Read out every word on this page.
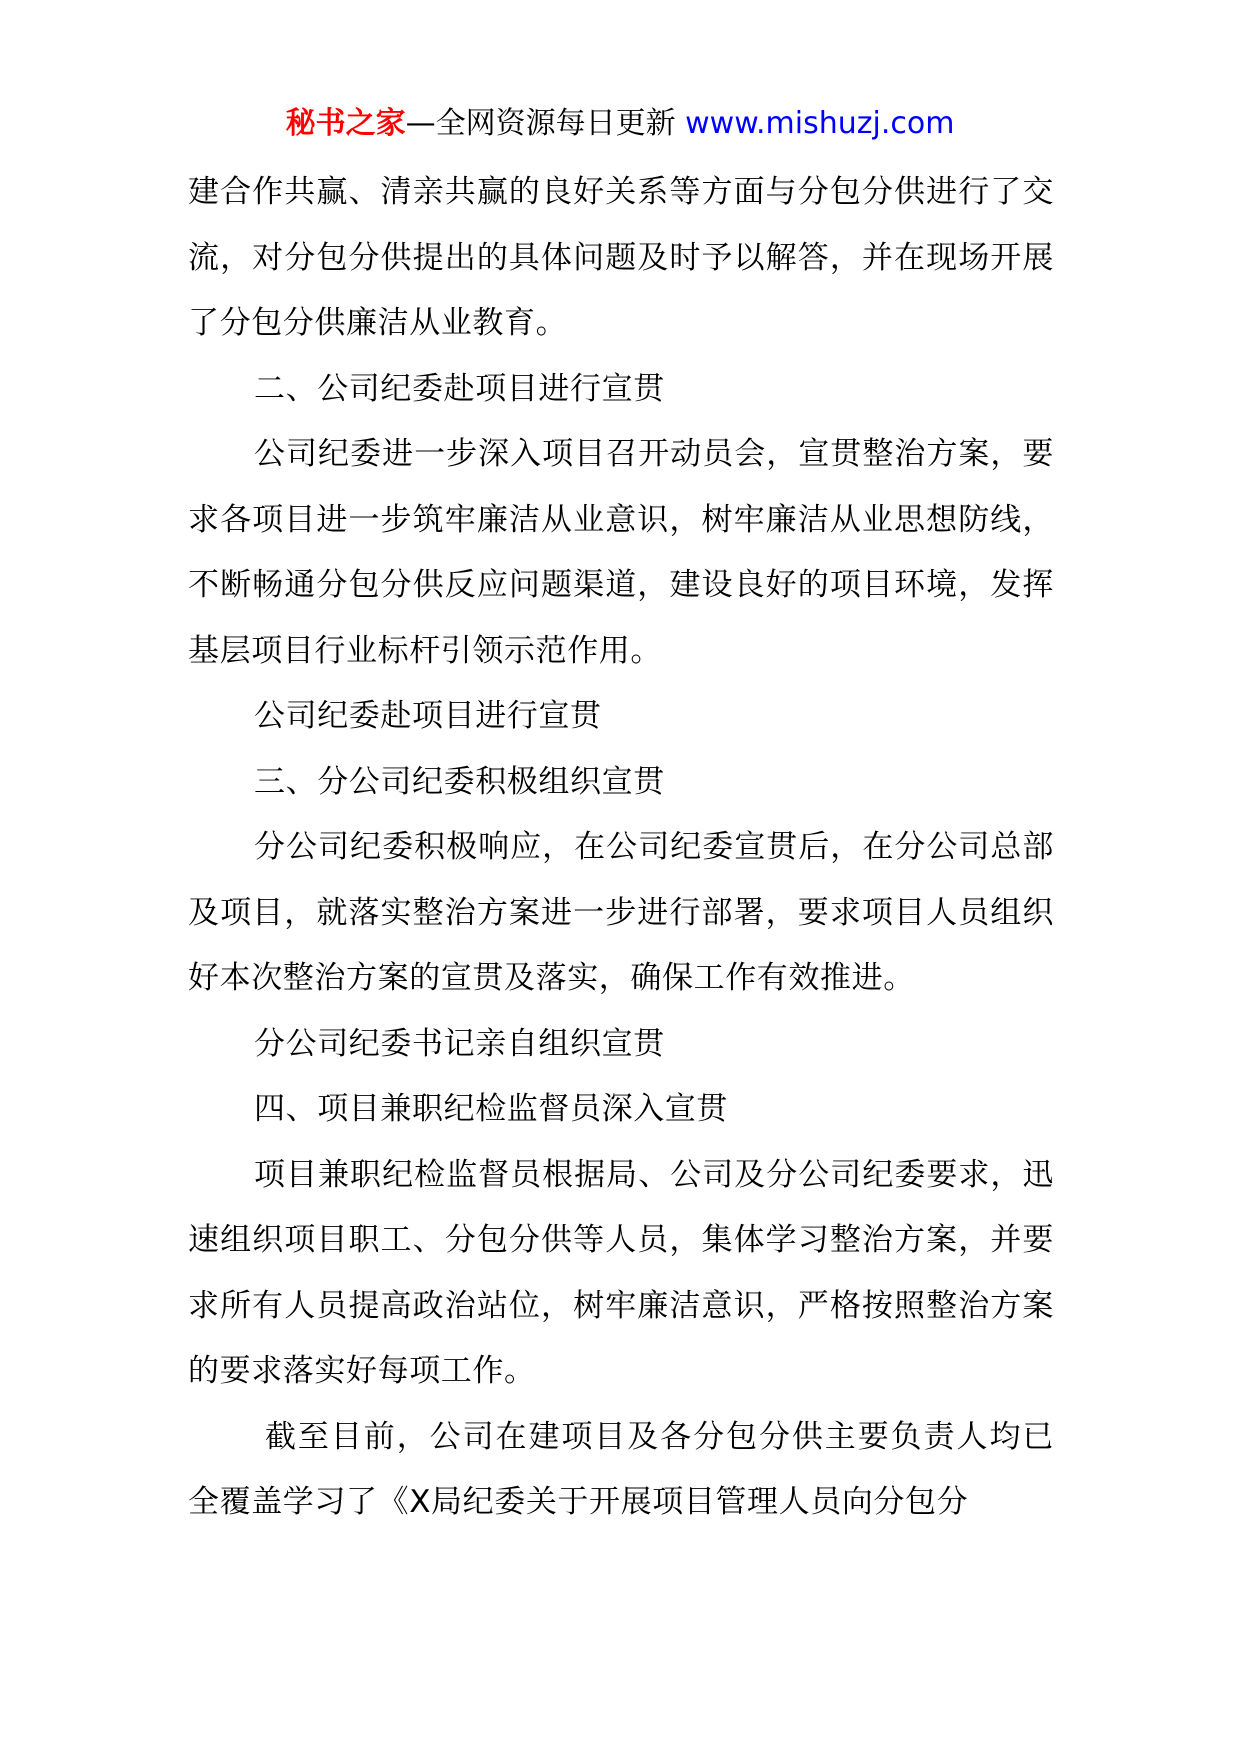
秘书之家—全网资源每日更新 www.mishuzj.com

建合作共赢、清亲共赢的良好关系等方面与分包分供进行了交流，对分包分供提出的具体问题及时予以解答，并在现场开展了分包分供廉洁从业教育。

二、公司纪委赴项目进行宣贯

公司纪委进一步深入项目召开动员会，宣贯整治方案，要求各项目进一步筑牢廉洁从业意识，树牢廉洁从业思想防线，不断畅通分包分供反应问题渠道，建设良好的项目环境，发挥基层项目行业标杆引领示范作用。

公司纪委赴项目进行宣贯

三、分公司纪委积极组织宣贯

分公司纪委积极响应，在公司纪委宣贯后，在分公司总部及项目，就落实整治方案进一步进行部署，要求项目人员组织好本次整治方案的宣贯及落实，确保工作有效推进。

分公司纪委书记亲自组织宣贯

四、项目兼职纪检监督员深入宣贯

项目兼职纪检监督员根据局、公司及分公司纪委要求，迅速组织项目职工、分包分供等人员，集体学习整治方案，并要求所有人员提高政治站位，树牢廉洁意识，严格按照整治方案的要求落实好每项工作。

截至目前，公司在建项目及各分包分供主要负责人均已全覆盖学习了《X局纪委关于开展项目管理人员向分包分
